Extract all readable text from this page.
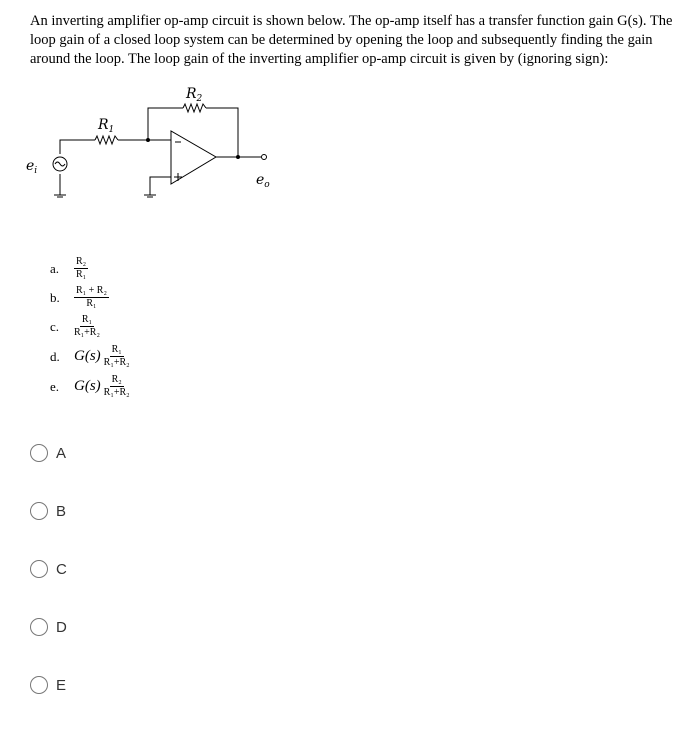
An inverting amplifier op-amp circuit is shown below. The op-amp itself has a transfer function gain G(s). The loop gain of a closed loop system can be determined by opening the loop and subsequently finding the gain around the loop. The loop gain of the inverting amplifier op-amp circuit is given by (ignoring sign):
$R_1$
$R_2$
$e_i$
$e_o$
a.	$\frac{\text{R₂}}{\text{R₁}}$
b.	$\frac{\text{R₁ + R₂}}{\text{R₁}}$
c.	$\frac{\text{R₁}}{\text{R₁+R₂}}$
d. $G(s) \frac{\text{R₁}}{\text{R₁+R₂}}$
e. $G(s) \frac{\text{R₂}}{\text{R₁+R₂}}$
A
B
C
D
E
